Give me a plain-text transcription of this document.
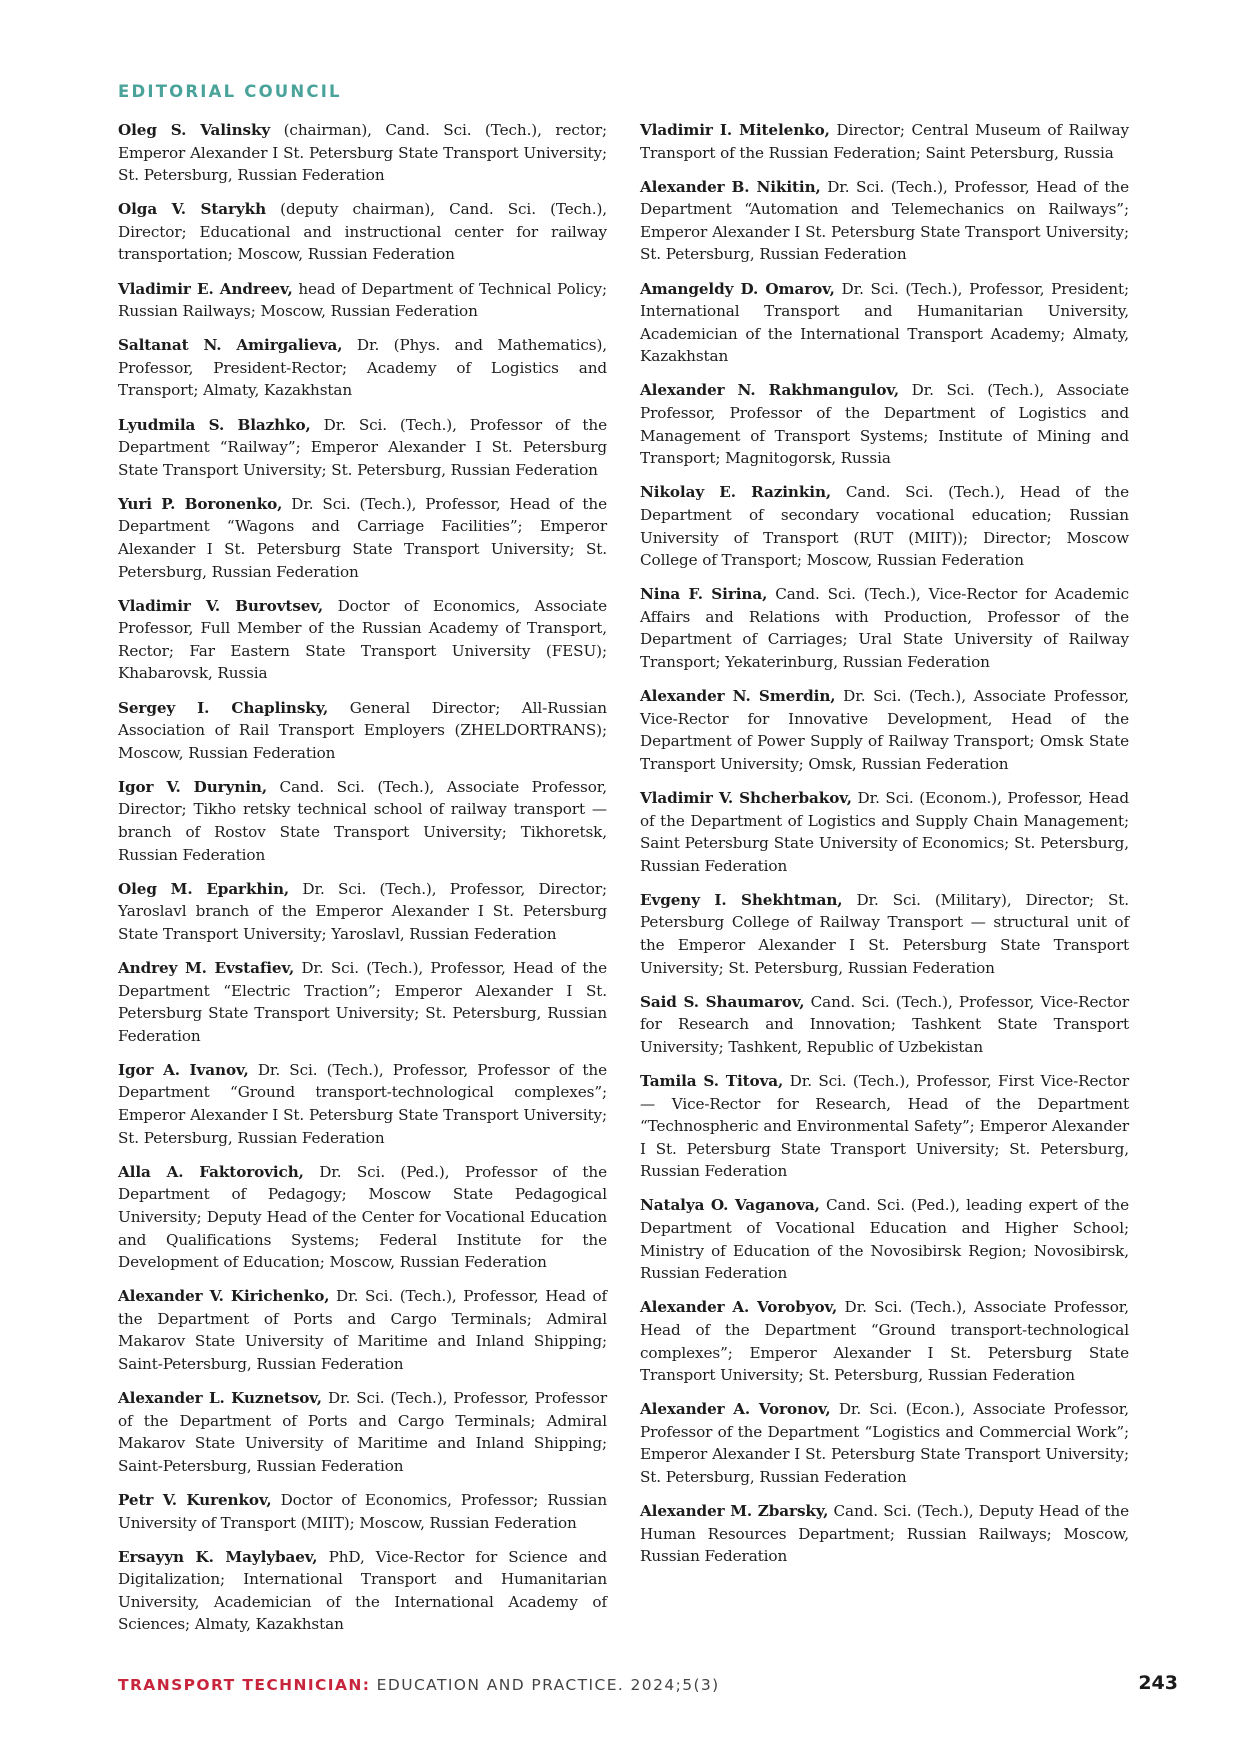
EDITORIAL COUNCIL

Oleg S. Valinsky (chairman), Cand. Sci. (Tech.), rector; Emperor Alexander I St. Petersburg State Transport University; St. Petersburg, Russian Federation

Olga V. Starykh (deputy chairman), Cand. Sci. (Tech.), Director; Educational and instructional center for railway transportation; Moscow, Russian Federation

Vladimir E. Andreev, head of Department of Technical Policy; Russian Railways; Moscow, Russian Federation

Saltanat N. Amirgalieva, Dr. (Phys. and Mathematics), Professor, President-Rector; Academy of Logistics and Transport; Almaty, Kazakhstan

Lyudmila S. Blazhko, Dr. Sci. (Tech.), Professor of the Department “Railway”; Emperor Alexander I St. Petersburg State Transport University; St. Petersburg, Russian Federation

Yuri P. Boronenko, Dr. Sci. (Tech.), Professor, Head of the Department “Wagons and Carriage Facilities”; Emperor Alexander I St. Petersburg State Transport University; St. Petersburg, Russian Federation

Vladimir V. Burovtsev, Doctor of Economics, Associate Professor, Full Member of the Russian Academy of Transport, Rector; Far Eastern State Transport University (FESU); Khabarovsk, Russia

Sergey I. Chaplinsky, General Director; All-Russian Association of Rail Transport Employers (ZHELDORTRANS); Moscow, Russian Federation

Igor V. Durynin, Cand. Sci. (Tech.), Associate Professor, Director; Tikho retsky technical school of railway transport — branch of Rostov State Transport University; Tikhoretsk, Russian Federation

Oleg M. Eparkhin, Dr. Sci. (Tech.), Professor, Director; Yaroslavl branch of the Emperor Alexander I St. Petersburg State Transport University; Yaroslavl, Russian Federation

Andrey M. Evstafiev, Dr. Sci. (Tech.), Professor, Head of the Department “Electric Traction”; Emperor Alexander I St. Petersburg State Transport University; St. Petersburg, Russian Federation

Igor A. Ivanov, Dr. Sci. (Tech.), Professor, Professor of the Department “Ground transport-technological complexes”; Emperor Alexander I St. Petersburg State Transport University; St. Petersburg, Russian Federation

Alla A. Faktorovich, Dr. Sci. (Ped.), Professor of the Department of Pedagogy; Moscow State Pedagogical University; Deputy Head of the Center for Vocational Education and Qualifications Systems; Federal Institute for the Development of Education; Moscow, Russian Federation

Alexander V. Kirichenko, Dr. Sci. (Tech.), Professor, Head of the Department of Ports and Cargo Terminals; Admiral Makarov State University of Maritime and Inland Shipping; Saint-Petersburg, Russian Federation

Alexander L. Kuznetsov, Dr. Sci. (Tech.), Professor, Professor of the Department of Ports and Cargo Terminals; Admiral Makarov State University of Maritime and Inland Shipping; Saint-Petersburg, Russian Federation

Petr V. Kurenkov, Doctor of Economics, Professor; Russian University of Transport (MIIT); Moscow, Russian Federation

Ersayyn K. Maylybaev, PhD, Vice-Rector for Science and Digitalization; International Transport and Humanitarian University, Academician of the International Academy of Sciences; Almaty, Kazakhstan

Vladimir I. Mitelenko, Director; Central Museum of Railway Transport of the Russian Federation; Saint Petersburg, Russia

Alexander B. Nikitin, Dr. Sci. (Tech.), Professor, Head of the Department “Automation and Telemechanics on Railways”; Emperor Alexander I St. Petersburg State Transport University; St. Petersburg, Russian Federation

Amangeldy D. Omarov, Dr. Sci. (Tech.), Professor, President; International Transport and Humanitarian University, Academician of the International Transport Academy; Almaty, Kazakhstan

Alexander N. Rakhmangulov, Dr. Sci. (Tech.), Associate Professor, Professor of the Department of Logistics and Management of Transport Systems; Institute of Mining and Transport; Magnitogorsk, Russia

Nikolay E. Razinkin, Cand. Sci. (Tech.), Head of the Department of secondary vocational education; Russian University of Transport (RUT (MIIT)); Director; Moscow College of Transport; Moscow, Russian Federation

Nina F. Sirina, Cand. Sci. (Tech.), Vice-Rector for Academic Affairs and Relations with Production, Professor of the Department of Carriages; Ural State University of Railway Transport; Yekaterinburg, Russian Federation

Alexander N. Smerdin, Dr. Sci. (Tech.), Associate Professor, Vice-Rector for Innovative Development, Head of the Department of Power Supply of Railway Transport; Omsk State Transport University; Omsk, Russian Federation

Vladimir V. Shcherbakov, Dr. Sci. (Econom.), Professor, Head of the Department of Logistics and Supply Chain Management; Saint Petersburg State University of Economics; St. Petersburg, Russian Federation

Evgeny I. Shekhtman, Dr. Sci. (Military), Director; St. Petersburg College of Railway Transport — structural unit of the Emperor Alexander I St. Petersburg State Transport University; St. Petersburg, Russian Federation

Said S. Shaumarov, Cand. Sci. (Tech.), Professor, Vice-Rector for Research and Innovation; Tashkent State Transport University; Tashkent, Republic of Uzbekistan

Tamila S. Titova, Dr. Sci. (Tech.), Professor, First Vice-Rector — Vice-Rector for Research, Head of the Department “Technospheric and Environmental Safety”; Emperor Alexander I St. Petersburg State Transport University; St. Petersburg, Russian Federation

Natalya O. Vaganova, Cand. Sci. (Ped.), leading expert of the Department of Vocational Education and Higher School; Ministry of Education of the Novosibirsk Region; Novosibirsk, Russian Federation

Alexander A. Vorobyov, Dr. Sci. (Tech.), Associate Professor, Head of the Department “Ground transport-technological complexes”; Emperor Alexander I St. Petersburg State Transport University; St. Petersburg, Russian Federation

Alexander A. Voronov, Dr. Sci. (Econ.), Associate Professor, Professor of the Department “Logistics and Commercial Work”; Emperor Alexander I St. Petersburg State Transport University; St. Petersburg, Russian Federation

Alexander M. Zbarsky, Cand. Sci. (Tech.), Deputy Head of the Human Resources Department; Russian Railways; Moscow, Russian Federation

TRANSPORT TECHNICIAN: EDUCATION AND PRACTICE. 2024;5(3)	243
